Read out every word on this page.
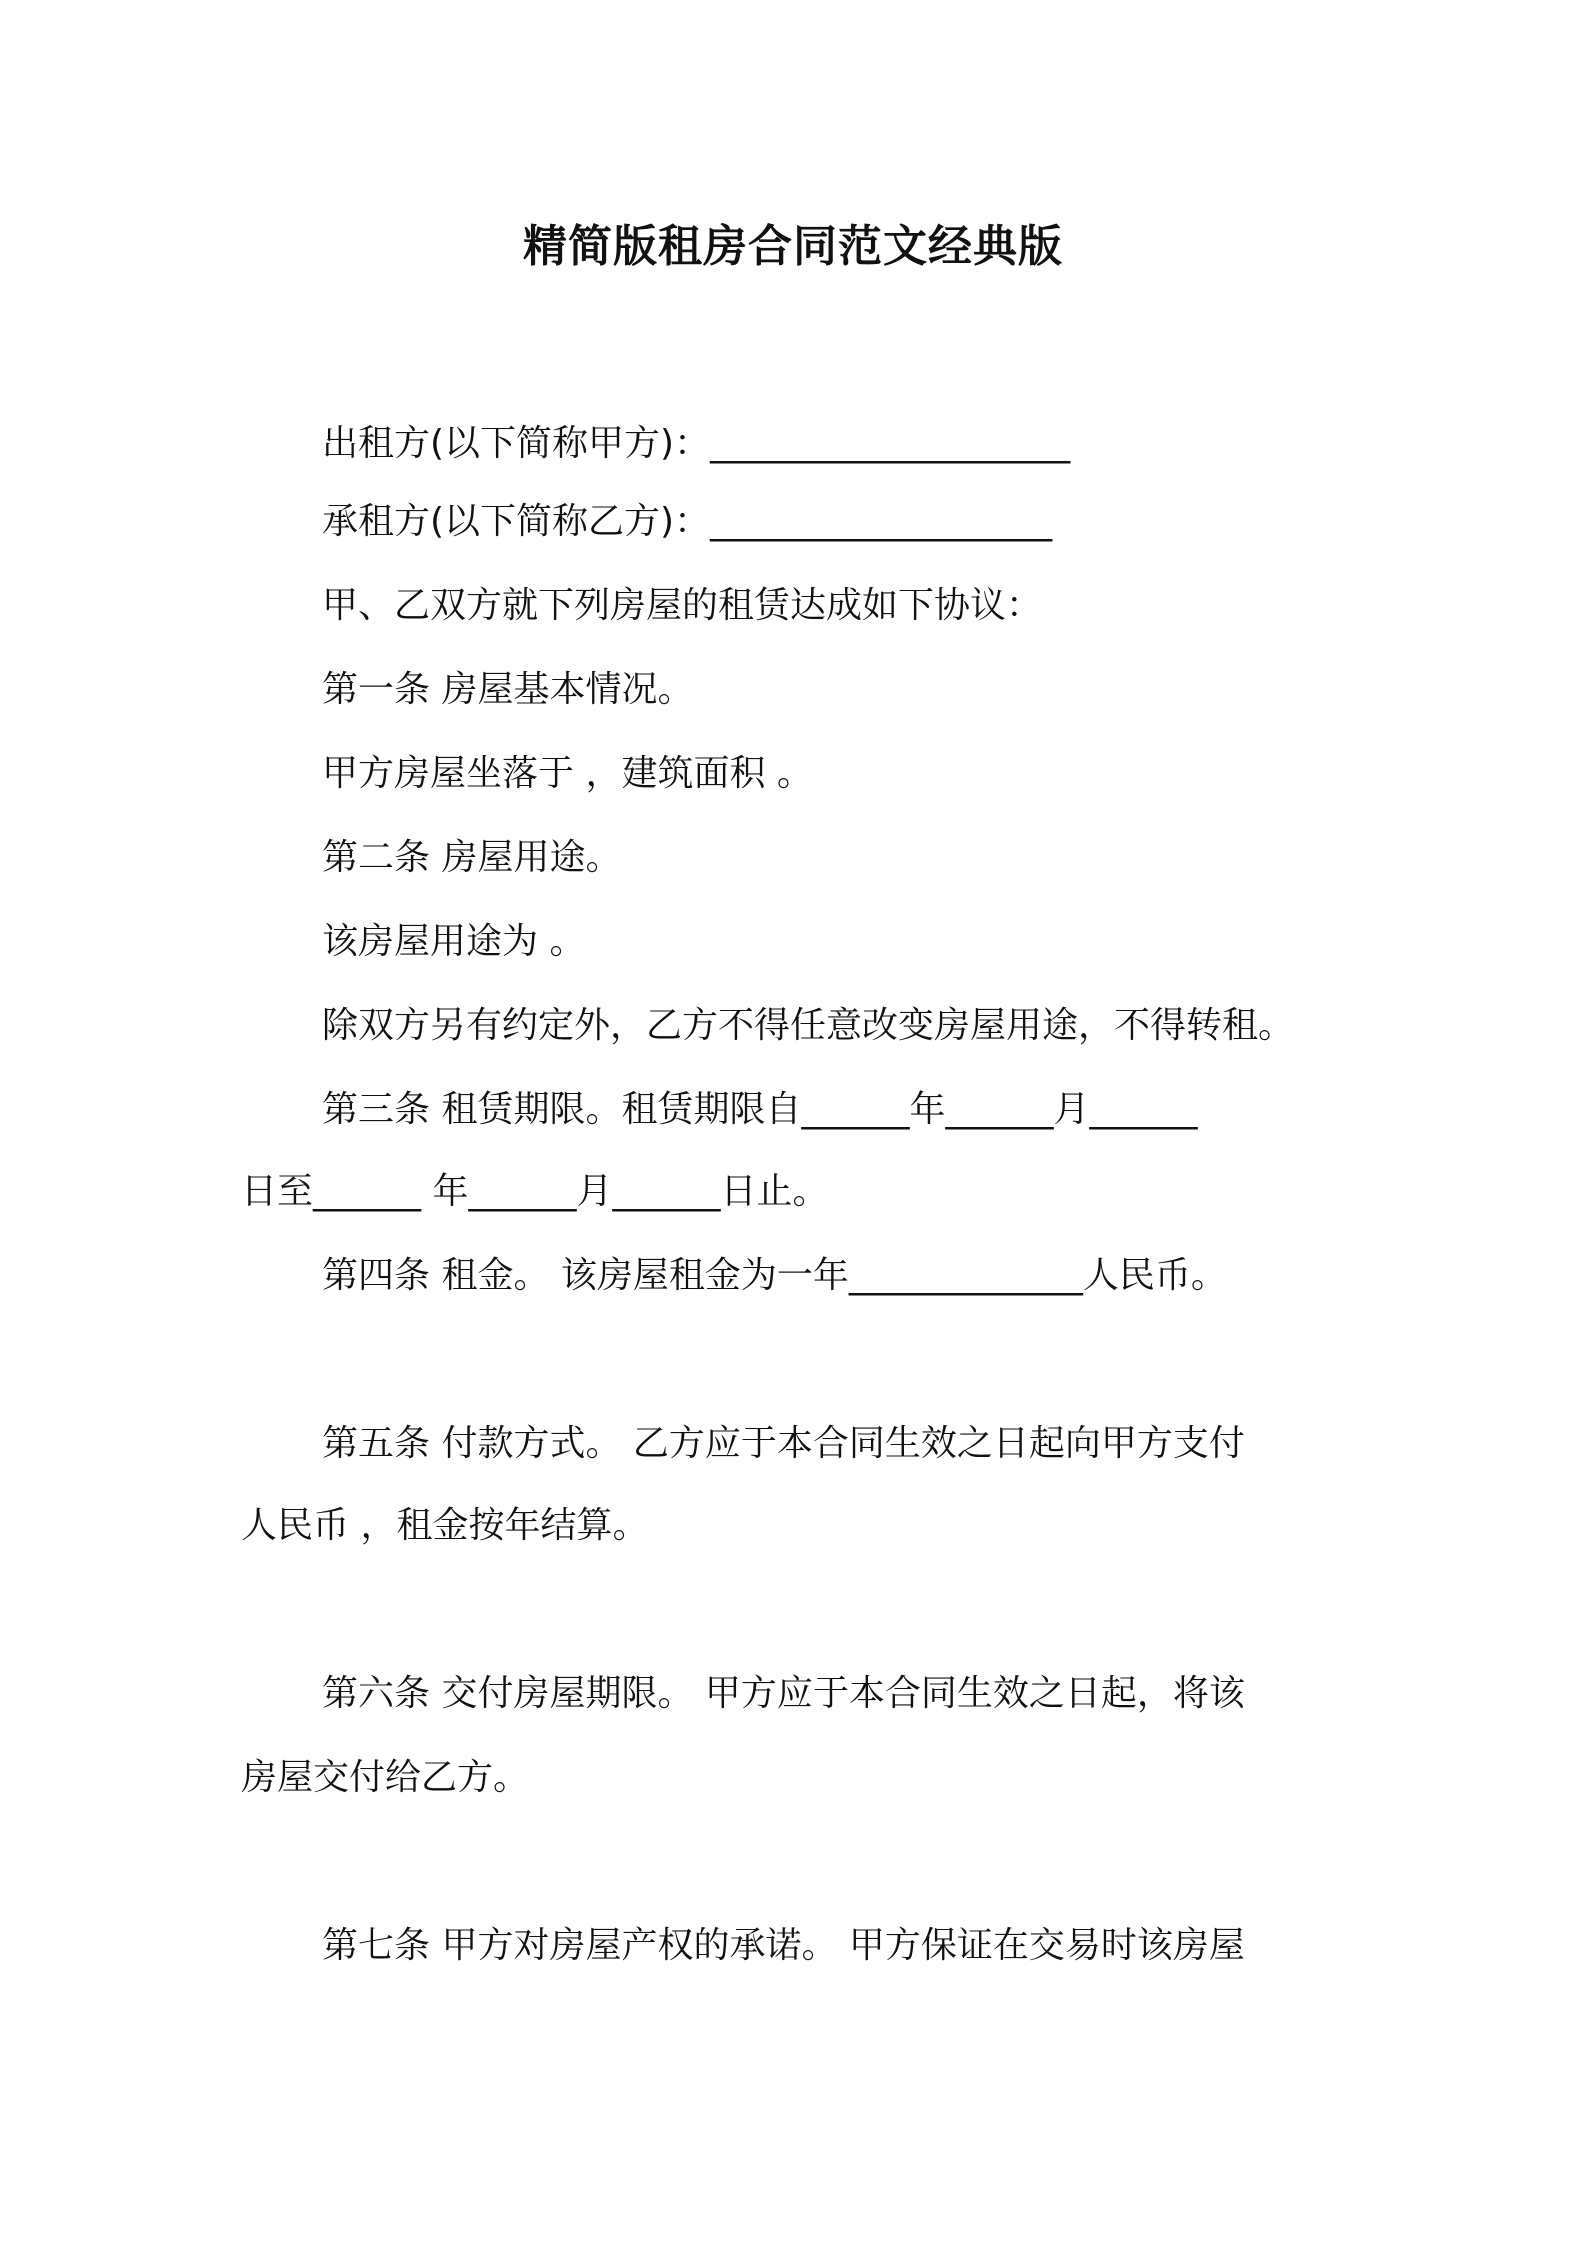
精简版租房合同范文经典版
出租方(以下简称甲方)：____________________
承租方(以下简称乙方)：___________________
甲、乙双方就下列房屋的租赁达成如下协议：
第一条 房屋基本情况。
甲方房屋坐落于 ，建筑面积 。
第二条 房屋用途。
该房屋用途为 。
除双方另有约定外，乙方不得任意改变房屋用途，不得转租。
第三条 租赁期限。租赁期限自______年______月______
日至______ 年______月______日止。
第四条 租金。 该房屋租金为一年_____________人民币。
第五条 付款方式。 乙方应于本合同生效之日起向甲方支付
人民币 ，租金按年结算。
第六条 交付房屋期限。 甲方应于本合同生效之日起，将该
房屋交付给乙方。
第七条 甲方对房屋产权的承诺。 甲方保证在交易时该房屋
